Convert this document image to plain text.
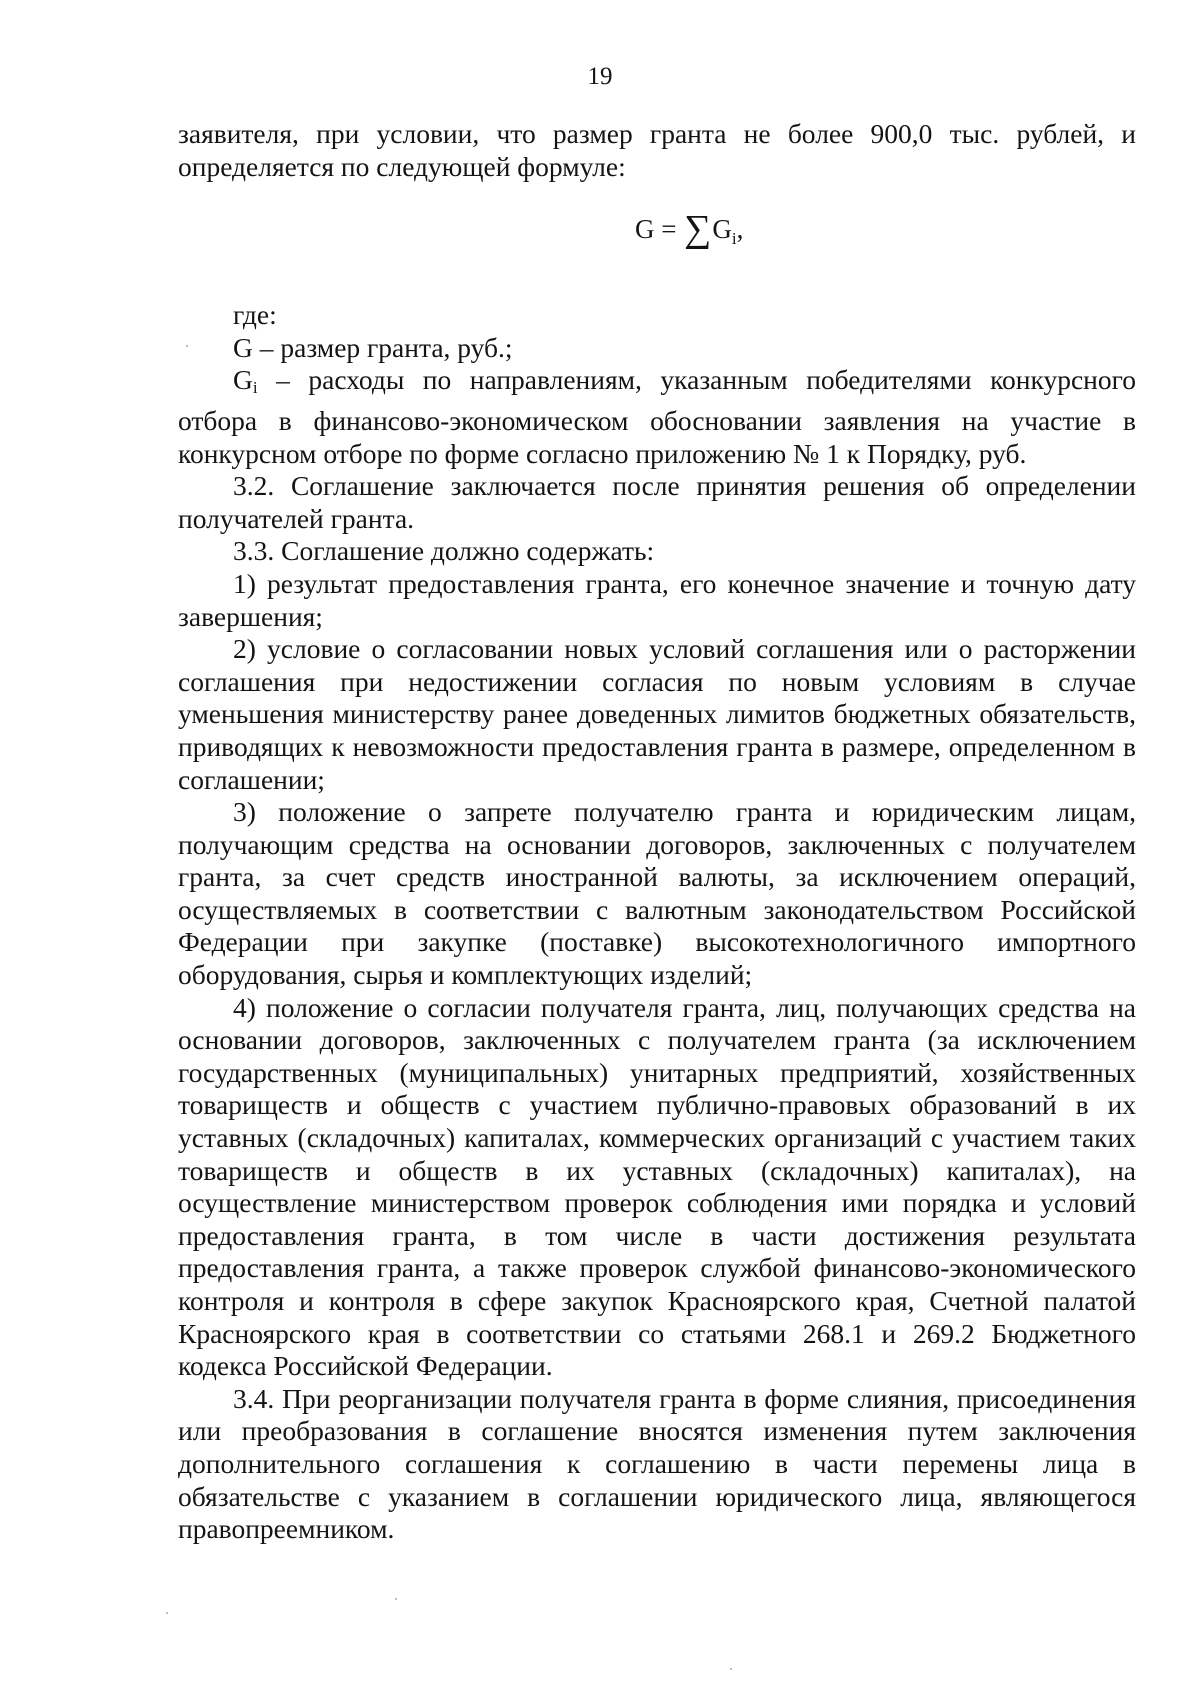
19

заявителя, при условии, что размер гранта не более 900,0 тыс. рублей, и определяется по следующей формуле:

$G = \sum G_i$,

где:

G – размер гранта, руб.;

$G_i$ – расходы по направлениям, указанным победителями конкурсного отбора в финансово-экономическом обосновании заявления на участие в конкурсном отборе по форме согласно приложению № 1 к Порядку, руб.

3.2. Соглашение заключается после принятия решения об определении получателей гранта.

3.3. Соглашение должно содержать:

1) результат предоставления гранта, его конечное значение и точную дату завершения;

2) условие о согласовании новых условий соглашения или о расторжении соглашения при недостижении согласия по новым условиям в случае уменьшения министерству ранее доведенных лимитов бюджетных обязательств, приводящих к невозможности предоставления гранта в размере, определенном в соглашении;

3) положение о запрете получателю гранта и юридическим лицам, получающим средства на основании договоров, заключенных с получателем гранта, за счет средств иностранной валюты, за исключением операций, осуществляемых в соответствии с валютным законодательством Российской Федерации при закупке (поставке) высокотехнологичного импортного оборудования, сырья и комплектующих изделий;

4) положение о согласии получателя гранта, лиц, получающих средства на основании договоров, заключенных с получателем гранта (за исключением государственных (муниципальных) унитарных предприятий, хозяйственных товариществ и обществ с участием публично-правовых образований в их уставных (складочных) капиталах, коммерческих организаций с участием таких товариществ и обществ в их уставных (складочных) капиталах), на осуществление министерством проверок соблюдения ими порядка и условий предоставления гранта, в том числе в части достижения результата предоставления гранта, а также проверок службой финансово-экономического контроля и контроля в сфере закупок Красноярского края, Счетной палатой Красноярского края в соответствии со статьями 268.1 и 269.2 Бюджетного кодекса Российской Федерации.

3.4. При реорганизации получателя гранта в форме слияния, присоединения или преобразования в соглашение вносятся изменения путем заключения дополнительного соглашения к соглашению в части перемены лица в обязательстве с указанием в соглашении юридического лица, являющегося правопреемником.
